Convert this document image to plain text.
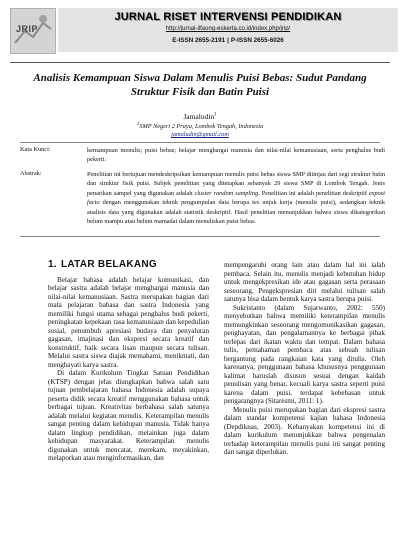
JRIP
JURNAL RISET INTERVENSI PENDIDIKAN
http://jurnal-ilfaong-eskerta.co.id/index.php/jrip/
E-ISSN 2655-2191 | P-ISSN 2655-6026
Analisis Kemampuan Siswa Dalam Menulis Puisi Bebas: Sudut Pandang Struktur Fisik dan Batin Puisi
Jamaludin$^1$
$^1$SMP Negeri 2 Praya, Lombok Tengah, Indonesia
jamaludin@gmail.com
Kata Kunci:	kemampuan menulis; puisi bebas; belajar menghargai manusia dan nilai-nilai kemanusiaan, serta penghalus budi pekerti.
Abstrak:	Penelitian ini bertujuan mendeskripsikan kemampuan menulis puisi bebas siswa SMP ditinjau dari segi struktur batin dan struktur fisik puisi. Subjek penelitian yang ditetapkan sebanyak 29 siswa SMP di Lombok Tengah. Jenis penarikan sampel yang digunakan adalah cluster random sampling. Penelitian ini adalah penelitian deskriptif expost facto dengan menggunakan teknik pengumpulan data berupa tes unjuk kerja (menulis puisi), sedangkan teknik analisis data yang digunakan adalah statistik deskriptif. Hasil penelitian menunjukkan bahwa siswa dikategorikan belum mampu atau belum mamadai dalam menuliskan puisi bebas.
1. LATAR BELAKANG

Belajar bahasa adalah belajar komunikasi, dan belajar sastra adalah belajar menghargai manusia dan nilai-nilai kemanusiaan. Sastra merupakan bagian dari mata pelajaran bahasa dan sastra Indonesia yang memiliki fungsi utama sebagai penghalus budi pekerti, peningkatan kepekaan rasa kemanusiaan dan kepedulian sosial, penumbuh apresiasi budaya dan penyaluran gagasan, imajinasi dan ekspresi secara kreatif dan konstruktif, baik secara lisan maupun secara tulisan. Melalui sastra siswa diajak memahami, menikmati, dan menghayati karya sastra.

Di dalam Kurikulum Tingkat Satuan Pendidikan (KTSP) dengan jelas diungkapkan bahwa salah satu tujuan pembelajaran bahasa Indonesia adalah supaya peserta didik secara kreatif menggunakan bahasa untuk berbagai tujuan. Kreativitas berbahasa salah satunya adalah melalui kegiatan menulis. Keterampilan menulis sangat penting dalam kehidupan manusia. Tidak hanya dalam lingkup pendidikan, melainkan juga dalam kehidupan masyarakat. Keterampilan menulis digunakan untuk mencatat, merekam, meyakinkan, melaporkan atau menginformasikan, dan

mempengaruhi orang lain atau dalam hal ini ialah pembaca. Selain itu, menulis menjadi kebutuhan hidup untuk mengekpresikan ide atau gagasan serta perasaan seseorang. Pengekspresian diri melalui tulisan salah satunya bisa dalam bentuk karya sastra berupa puisi.

Sukristanto (dalam Sujarwanto, 2002: 550) menyebutkan bahwa memiliki keterampilan menulis memungkinkan seseorang mengomunikasikan gagasan, penghayatan, dan pengalamannya ke berbagai pihak terlepas dari ikatan waktu dan tempat. Dalam bahasa tulis, pemahaman pembaca atas sebuah tulisan bergantung pada rangkaian kata yang ditulis. Oleh karenanya, penggunaan bahasa khususnya penggunaan kalimat haruslah disusun sesuai dengan kaidah penulisan yang benar, kecuali karya sastra seperti puisi karena dalam puisi, terdapat kebebasan untuk pengarangnya (Sitaresmi, 2011: 1).

Menulis puisi merupakan bagian dari ekspresi sastra dalam standar kompetensi kajian bahasa Indonesia (Depdiknas, 2003). Kebanyakan kompetensi ini di dalam kurikulum menunjukkan bahwa pengenalan terhadap keterampilan menulis puisi ini sangat penting dan sangat diperlukan.
